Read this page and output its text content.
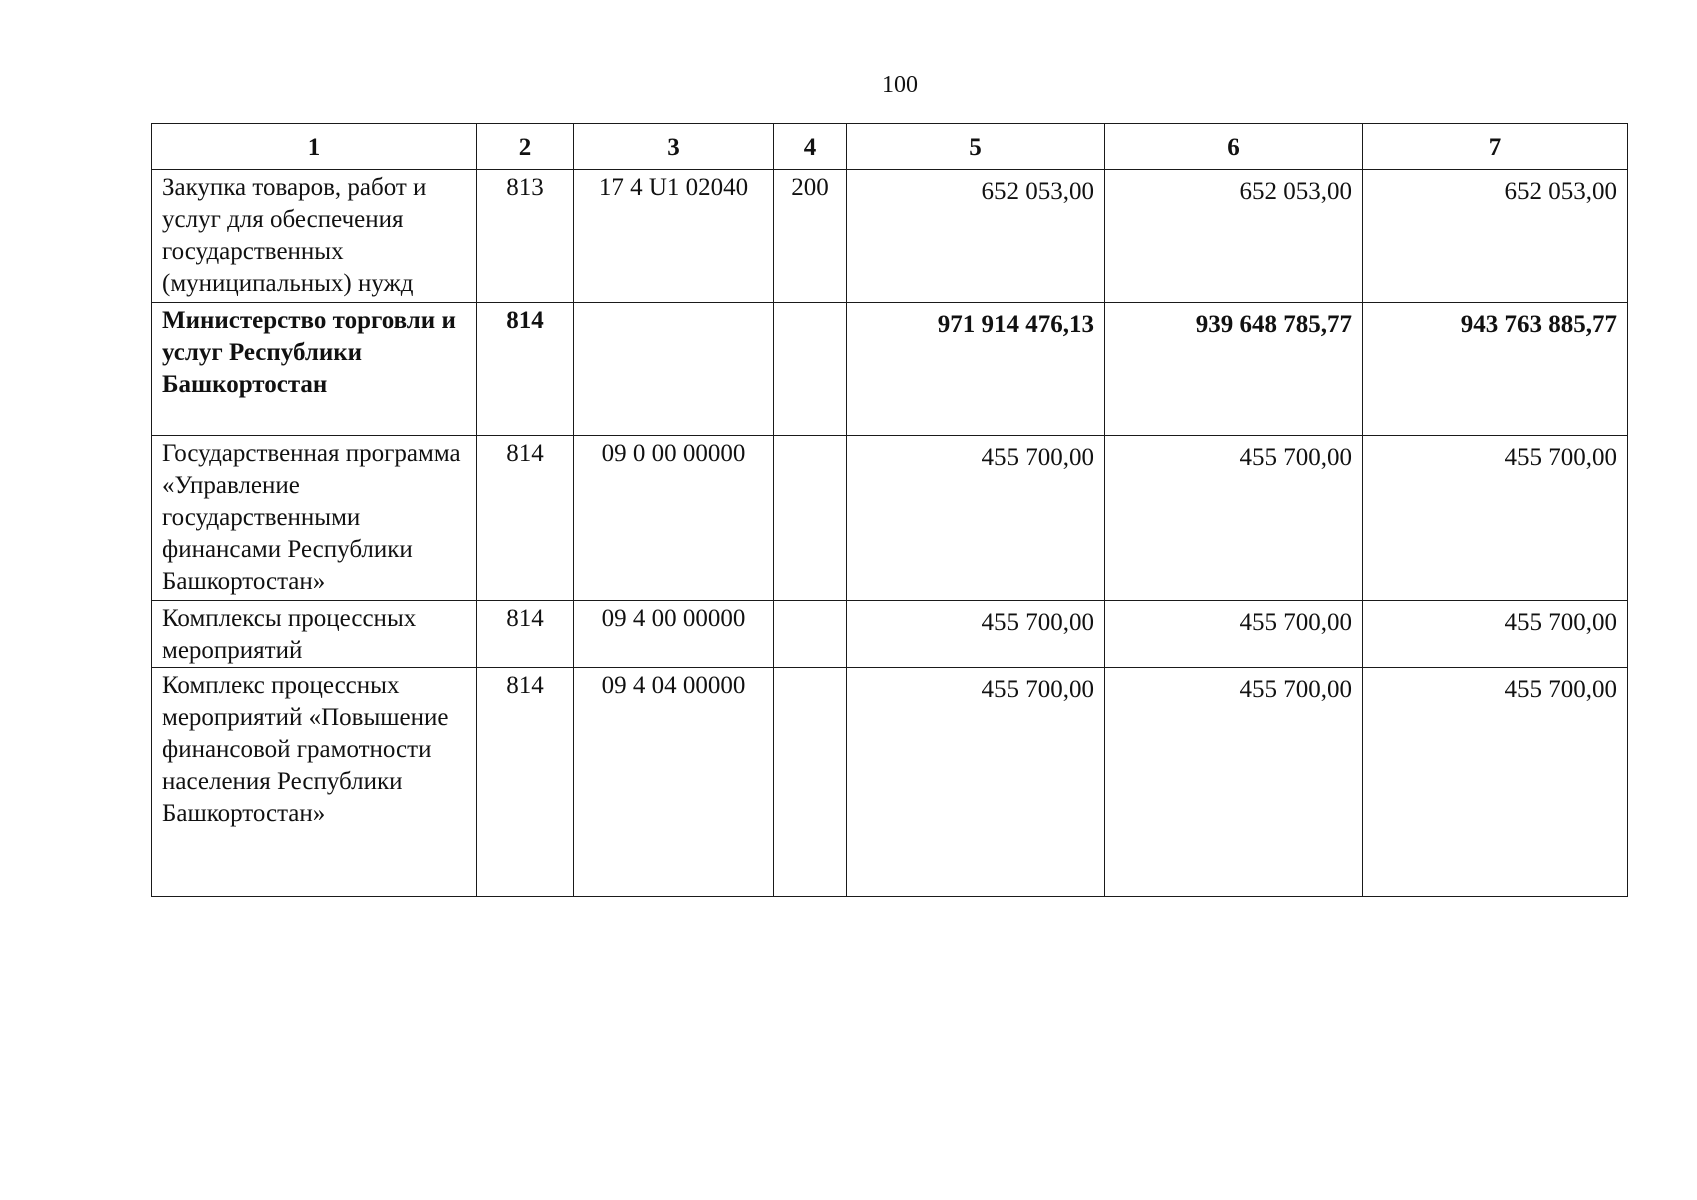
100
1	2	3	4	5	6	7
Закупка товаров, работ и услуг для обеспечения государственных (муниципальных) нужд	813	17 4 U1 02040	200	652 053,00	652 053,00	652 053,00
Министерство торговли и услуг Республики Башкортостан	814			971 914 476,13	939 648 785,77	943 763 885,77
Государственная программа «Управление государственными финансами Республики Башкортостан»	814	09 0 00 00000		455 700,00	455 700,00	455 700,00
Комплексы процессных мероприятий	814	09 4 00 00000		455 700,00	455 700,00	455 700,00
Комплекс процессных мероприятий «Повышение финансовой грамотности населения Республики Башкортостан»	814	09 4 04 00000		455 700,00	455 700,00	455 700,00
